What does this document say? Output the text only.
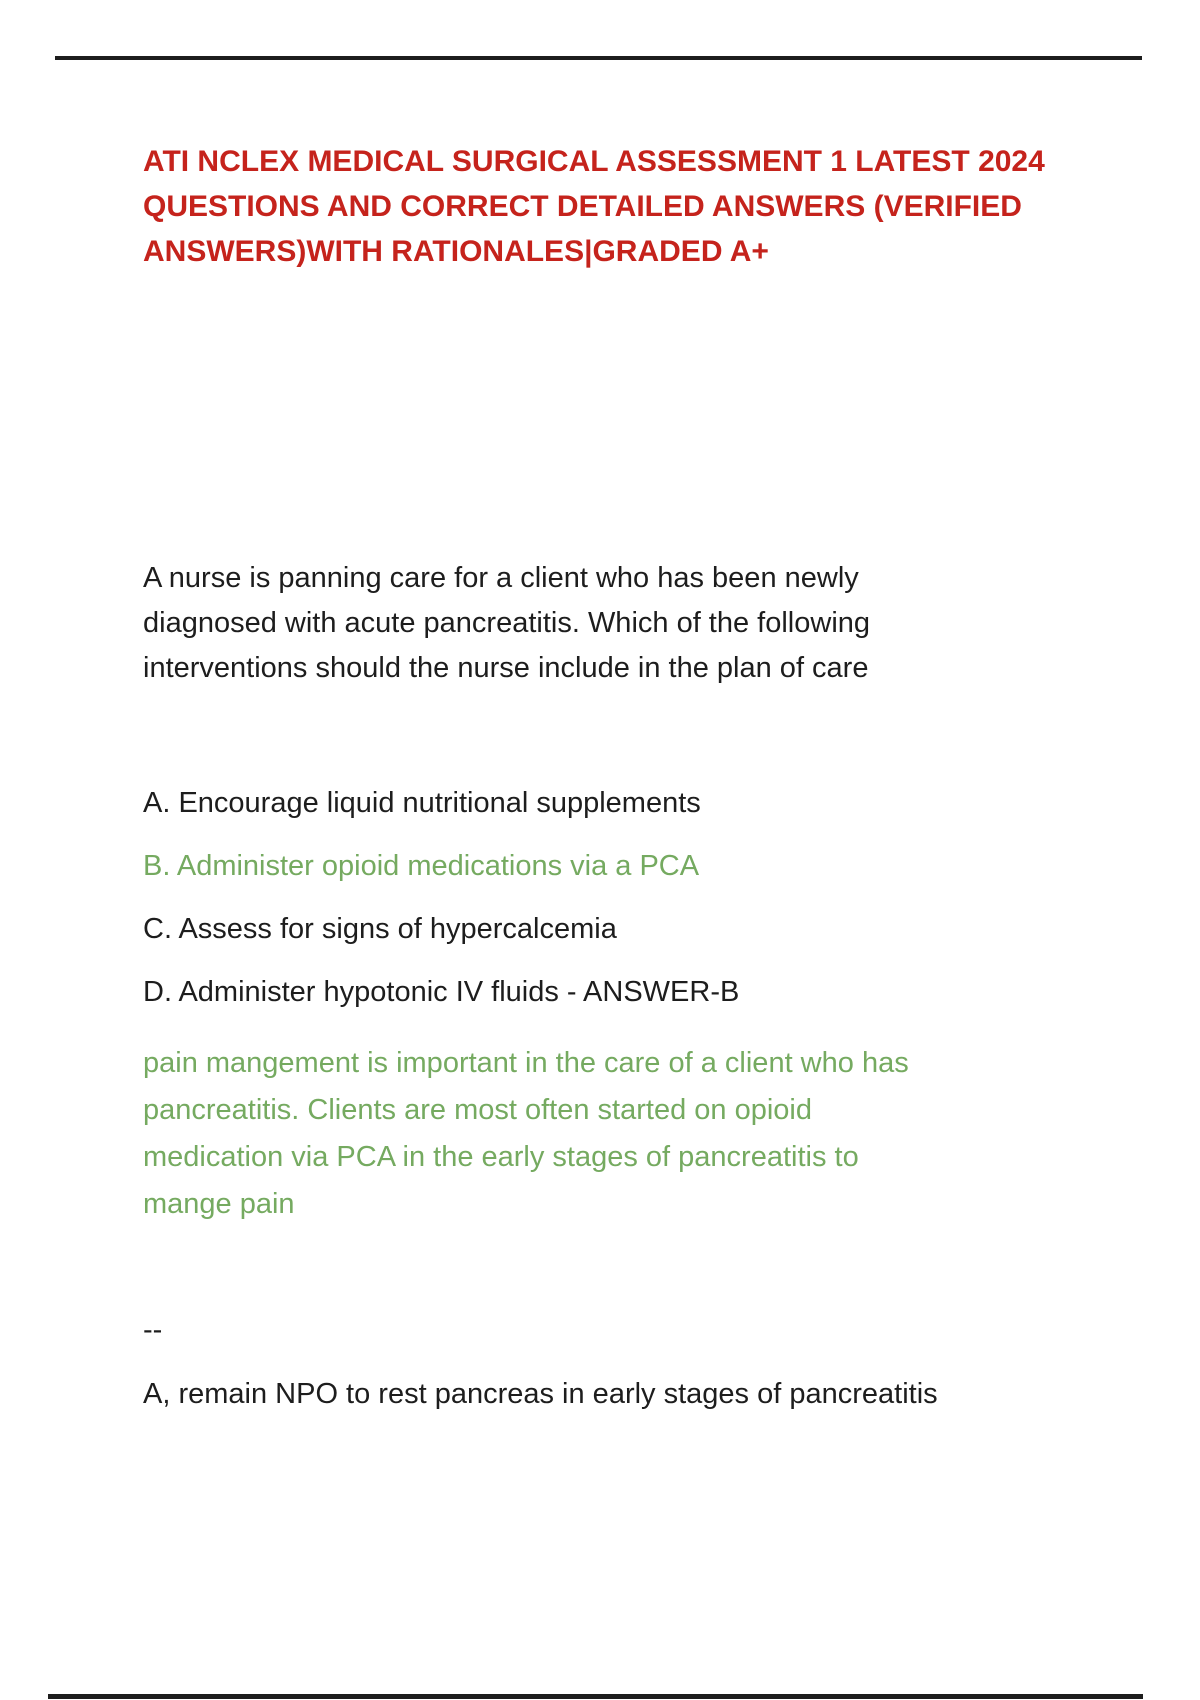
ATI NCLEX MEDICAL SURGICAL ASSESSMENT 1 LATEST 2024
QUESTIONS AND CORRECT DETAILED ANSWERS (VERIFIED
ANSWERS)WITH RATIONALES|GRADED A+
A nurse is panning care for a client who has been newly
diagnosed with acute pancreatitis. Which of the following
interventions should the nurse include in the plan of care
A. Encourage liquid nutritional supplements
B. Administer opioid medications via a PCA
C. Assess for signs of hypercalcemia
D. Administer hypotonic IV fluids - ANSWER-B
pain mangement is important in the care of a client who has
pancreatitis. Clients are most often started on opioid
medication via PCA in the early stages of pancreatitis to
mange pain
--
A, remain NPO to rest pancreas in early stages of pancreatitis
